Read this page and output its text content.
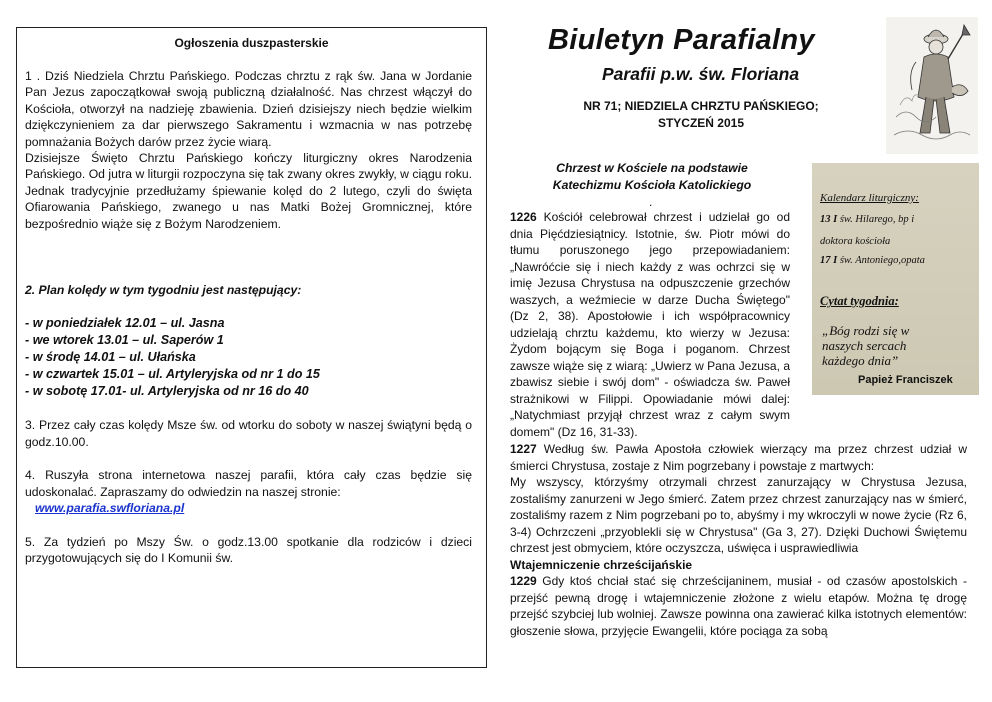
Ogłoszenia duszpasterskie

1 . Dziś Niedziela Chrztu Pańskiego. Podczas chrztu z rąk św. Jana w Jordanie Pan Jezus zapoczątkował swoją publiczną działalność. Nas chrzest włączył do Kościoła, otworzył na nadzieję zbawienia. Dzień dzisiejszy niech będzie wielkim dziękczynieniem za dar pierwszego Sakramentu i wzmacnia w nas potrzebę pomnażania Bożych darów przez życie wiarą.

Dzisiejsze Święto Chrztu Pańskiego kończy liturgiczny okres Narodzenia Pańskiego. Od jutra w liturgii rozpoczyna się tak zwany okres zwykły, w ciągu roku. Jednak tradycyjnie przedłużamy śpiewanie kolęd do 2 lutego, czyli do święta Ofiarowania Pańskiego, zwanego u nas Matki Bożej Gromnicznej, które bezpośrednio wiąże się z Bożym Narodzeniem.

2. Plan kolędy w tym tygodniu jest następujący:

- w poniedziałek 12.01 – ul. Jasna
- we wtorek 13.01 – ul. Saperów 1
- w środę 14.01 – ul. Ułańska
- w czwartek 15.01 – ul. Artyleryjska od nr 1 do 15
- w sobotę 17.01- ul. Artyleryjska od nr 16 do 40

3. Przez cały czas kolędy Msze św. od wtorku do soboty w naszej świątyni będą o godz.10.00.

4. Ruszyła strona internetowa naszej parafii, która cały czas będzie się udoskonalać. Zapraszamy do odwiedzin na naszej stronie:

www.parafia.swfloriana.pl

5. Za tydzień po Mszy Św. o godz.13.00 spotkanie dla rodziców i dzieci przygotowujących się do I Komunii św.

Biuletyn Parafialny
Parafii p.w. św. Floriana
NR 71; NIEDZIELA CHRZTU PAŃSKIEGO;
STYCZEŃ 2015
Kalendarz liturgiczny:
13 I św. Hilarego, bp i
doktora kościoła
17 I św. Antoniego,opata
Cytat tygodnia:
„Bóg rodzi się w
naszych sercach
każdego dnia”
Papież Franciszek
Chrzest w Kościele na podstawie
Katechizmu Kościoła Katolickiego
.

1226 Kościół celebrował chrzest i udzielał go od dnia Pięćdziesiątnicy. Istotnie, św. Piotr mówi do tłumu poruszonego jego przepowiadaniem: „Nawróćcie się i niech każdy z was ochrzci się w imię Jezusa Chrystusa na odpuszczenie grzechów waszych, a weźmiecie w darze Ducha Świętego" (Dz 2, 38). Apostołowie i ich współpracownicy udzielają chrztu każdemu, kto wierzy w Jezusa: Żydom bojącym się Boga i poganom. Chrzest zawsze wiąże się z wiarą: „Uwierz w Pana Jezusa, a zbawisz siebie i swój dom" - oświadcza św. Paweł strażnikowi w Filippi. Opowiadanie mówi dalej: „Natychmiast przyjął chrzest wraz z całym swym domem" (Dz 16, 31-33).

1227 Według św. Pawła Apostoła człowiek wierzący ma przez chrzest udział w śmierci Chrystusa, zostaje z Nim pogrzebany i powstaje z martwych:

My wszyscy, którzyśmy otrzymali chrzest zanurzający w Chrystusa Jezusa, zostaliśmy zanurzeni w Jego śmierć. Zatem przez chrzest zanurzający nas w śmierć, zostaliśmy razem z Nim pogrzebani po to, abyśmy i my wkroczyli w nowe życie (Rz 6, 3-4) Ochrzczeni „przyoblekli się w Chrystusa" (Ga 3, 27). Dzięki Duchowi Świętemu chrzest jest obmyciem, które oczyszcza, uświęca i usprawiedliwia

Wtajemniczenie chrześcijańskie

1229 Gdy ktoś chciał stać się chrześcijaninem, musiał - od czasów apostolskich - przejść pewną drogę i wtajemniczenie złożone z wielu etapów. Można tę drogę przejść szybciej lub wolniej. Zawsze powinna ona zawierać kilka istotnych elementów: głoszenie słowa, przyjęcie Ewangelii, które pociąga za sobą
